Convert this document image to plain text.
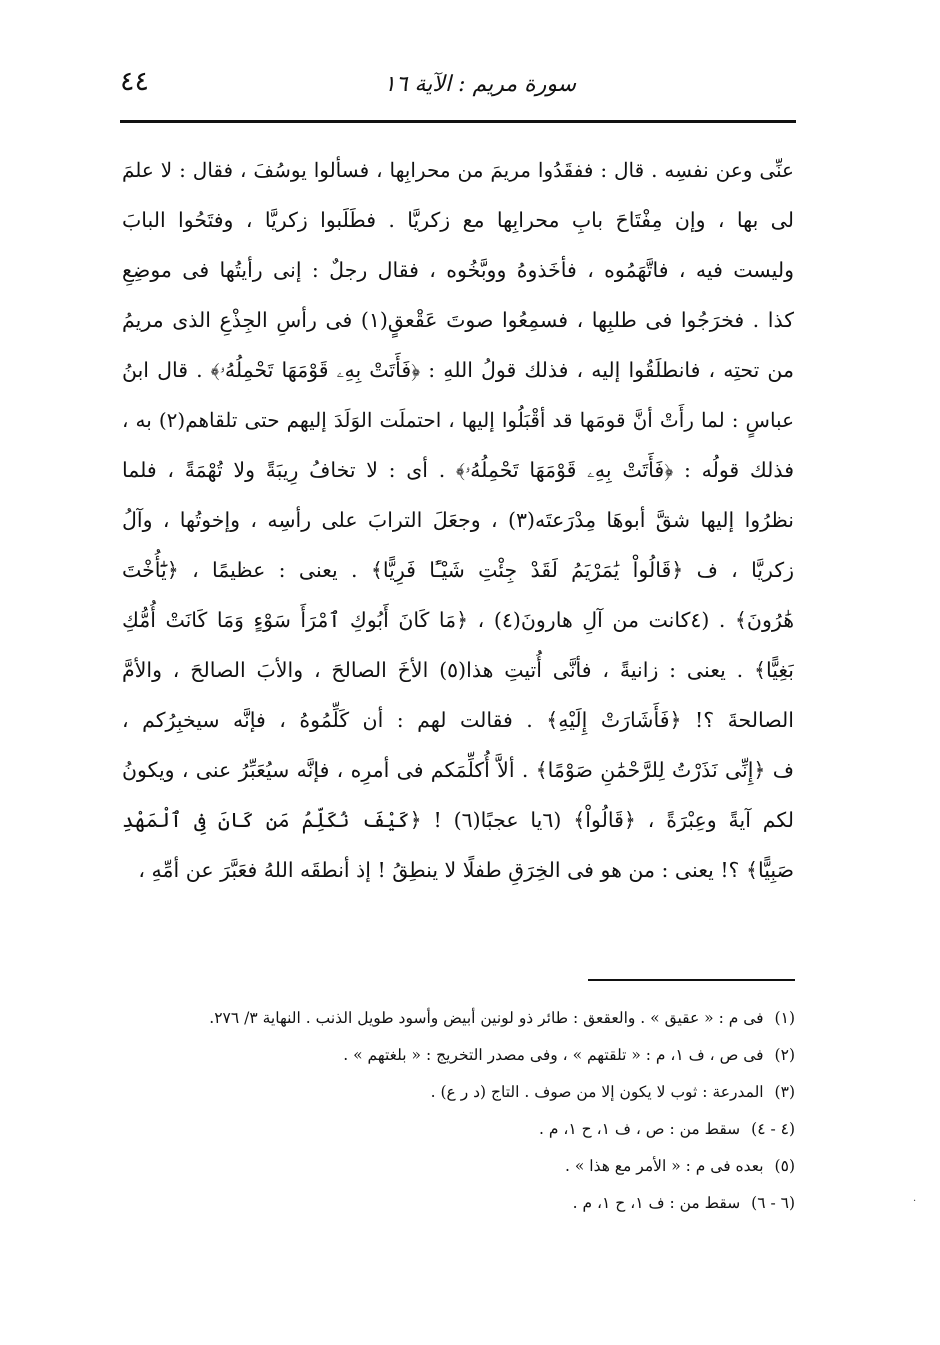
سورة مريم : الآية ١٦
٤٤
عنِّى وعن نفسِه . قال : ففقَدُوا مريمَ من محرابِها ، فسألوا يوسُفَ ، فقال : لا علمَ
لى بها ، وإن مِفْتَاحَ بابِ محرابِها مع زكريَّا . فطَلَبوا زكريَّا ، وفتَحُوا البابَ
وليست فيه ، فاتَّهَمُوه ، فأخَذوهُ ووبَّخُوه ، فقال رجلٌ : إنى رأيتُها فى موضِعِ
كذا . فخرَجُوا فى طلبِها ، فسمِعُوا صوتَ عَقْعقٍ(١) فى رأسِ الجِذْعِ الذى مريمُ
من تحتِه ، فانطلَقُوا إليه ، فذلك قولُ اللهِ : ﴿فَأَتَتْ بِهِۦ قَوْمَهَا تَحْمِلُهُۥ﴾ . قال ابنُ
عباسٍ : لما رأَتْ أنَّ قومَها قد أقْبَلُوا إليها ، احتملَت الوَلَدَ إليهم حتى تلقاهم(٢) به ،
فذلك قولُه : ﴿فَأَتَتْ بِهِۦ قَوْمَهَا تَحْمِلُهُۥ﴾ . أى : لا تخافُ رِيبَةً ولا تُهْمَةً ، فلما
نظرُوا إليها شقَّ أبوهَا مِدْرَعتَه(٣) ، وجعَلَ الترابَ على رأسِه ، وإخوتُها ، وآلُ
زكريَّا ، ف ﴿قَالُواْ يَٰمَرْيَمُ لَقَدْ جِئْتِ شَيْـًٔا فَرِيًّا﴾ . يعنى : عظيمًا ، ﴿يَٰٓأُخْتَ
هَٰرُونَ﴾ . (٤كانت من آلِ هارونَ(٤) ، ﴿مَا كَانَ أَبُوكِ ٱمْرَأَ سَوْءٍ وَمَا كَانَتْ أُمُّكِ
بَغِيًّا﴾ . يعنى : زانيةً ، فأنَّى أُتيتِ هذا(٥) الأخَ الصالحَ ، والأبَ الصالحَ ، والأمَّ
الصالحةَ ؟! ﴿فَأَشَارَتْ إِلَيْهِ﴾ . فقالت لهم : أن كَلِّمُوهُ ، فإنَّه سيخبِرُكم ،
ف ﴿إِنِّى نَذَرْتُ لِلرَّحْمَٰنِ صَوْمًا﴾ . ألاَّ أُكلِّمَكم فى أمرِه ، فإنَّه سيُعَبِّرُ عنى ، ويكونُ
لكم آيةً وعِبْرَةً ، ﴿قَالُواْ﴾ (٦يا عجبًا(٦) ! ﴿كَيْفَ نُكَلِّمُ مَن كَانَ فِى ٱلْمَهْدِ
صَبِيًّا﴾ ؟! يعنى : من هو فى الخِرَقِ طفلًا لا ينطِقُ ! إذ أنطقَه اللهُ فعَبَّرَ عن أمِّهِ ،
(١) فى م : « عقيق » . والعقعق : طائر ذو لونين أبيض وأسود طويل الذنب . النهاية ٣/ ٢٧٦.
(٢) فى ص ، ف ١، م : « تلقتهم » ، وفى مصدر التخريج : « بلغتهم » .
(٣) المدرعة : ثوب لا يكون إلا من صوف . التاج (د ر ع) .
(٤ - ٤) سقط من : ص ، ف ١، ح ١، م .
(٥) بعده فى م : « الأمر مع هذا » .
(٦ - ٦) سقط من : ف ١، ح ١، م .	·
